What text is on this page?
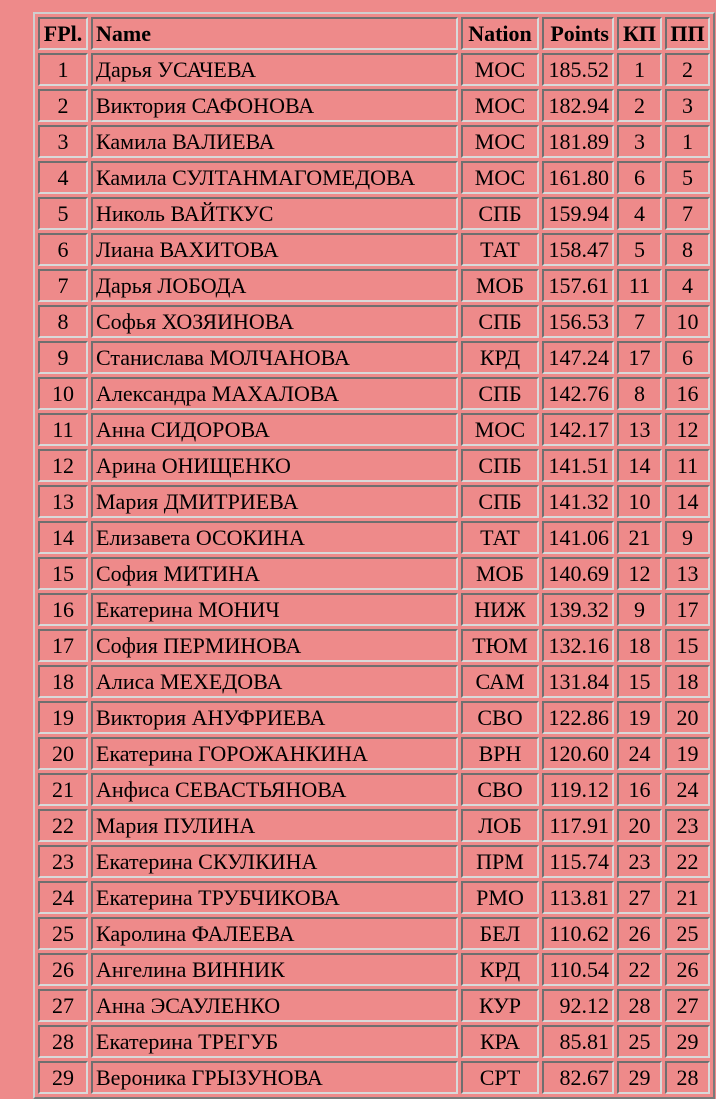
FPl.	Name	Nation	Points	КП	ПП
1	Дарья УСАЧЕВА	МОС	185.52	1	2
2	Виктория САФОНОВА	МОС	182.94	2	3
3	Камила ВАЛИЕВА	МОС	181.89	3	1
4	Камила СУЛТАНМАГОМЕДОВА	МОС	161.80	6	5
5	Николь ВАЙТКУС	СПБ	159.94	4	7
6	Лиана ВАХИТОВА	ТАТ	158.47	5	8
7	Дарья ЛОБОДА	МОБ	157.61	11	4
8	Софья ХОЗЯИНОВА	СПБ	156.53	7	10
9	Станислава МОЛЧАНОВА	КРД	147.24	17	6
10	Александра МАХАЛОВА	СПБ	142.76	8	16
11	Анна СИДОРОВА	МОС	142.17	13	12
12	Арина ОНИЩЕНКО	СПБ	141.51	14	11
13	Мария ДМИТРИЕВА	СПБ	141.32	10	14
14	Елизавета ОСОКИНА	ТАТ	141.06	21	9
15	София МИТИНА	МОБ	140.69	12	13
16	Екатерина МОНИЧ	НИЖ	139.32	9	17
17	София ПЕРМИНОВА	ТЮМ	132.16	18	15
18	Алиса МЕХЕДОВА	САМ	131.84	15	18
19	Виктория АНУФРИЕВА	СВО	122.86	19	20
20	Екатерина ГОРОЖАНКИНА	ВРН	120.60	24	19
21	Анфиса СЕВАСТЬЯНОВА	СВО	119.12	16	24
22	Мария ПУЛИНА	ЛОБ	117.91	20	23
23	Екатерина СКУЛКИНА	ПРМ	115.74	23	22
24	Екатерина ТРУБЧИКОВА	РМО	113.81	27	21
25	Каролина ФАЛЕЕВА	БЕЛ	110.62	26	25
26	Ангелина ВИННИК	КРД	110.54	22	26
27	Анна ЭСАУЛЕНКО	КУР	92.12	28	27
28	Екатерина ТРЕГУБ	КРА	85.81	25	29
29	Вероника ГРЫЗУНОВА	СРТ	82.67	29	28
